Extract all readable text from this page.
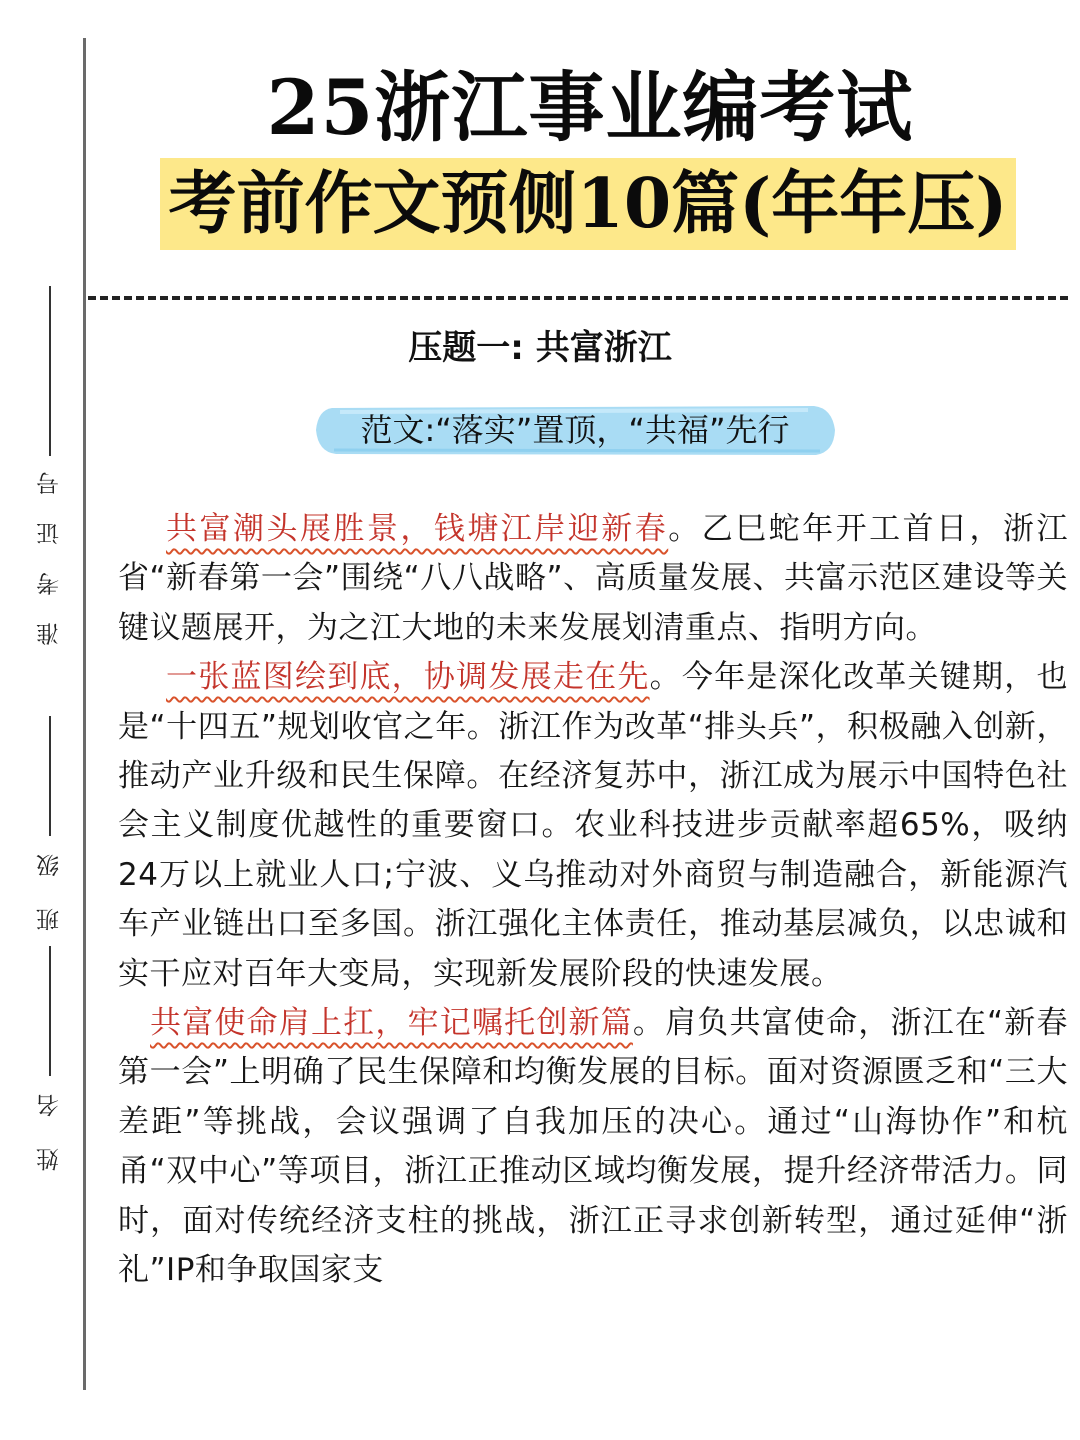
准 考 证 号
班 级
姓 名
25浙江事业编考试
考前作文预侧10篇(年年压)
压题一: 共富浙江
范文:“落实”置顶，“共福”先行

共富潮头展胜景，钱塘江岸迎新春。乙巳蛇年开工首日，浙江省“新春第一会”围绕“八八战略”、高质量发展、共富示范区建设等关键议题展开，为之江大地的未来发展划清重点、指明方向。

一张蓝图绘到底，协调发展走在先。今年是深化改革关键期，也是“十四五”规划收官之年。浙江作为改革“排头兵”，积极融入创新，推动产业升级和民生保障。在经济复苏中，浙江成为展示中国特色社会主义制度优越性的重要窗口。农业科技进步贡献率超65%，吸纳24万以上就业人口;宁波、义乌推动对外商贸与制造融合，新能源汽车产业链出口至多国。浙江强化主体责任，推动基层减负，以忠诚和实干应对百年大变局，实现新发展阶段的快速发展。

共富使命肩上扛，牢记嘱托创新篇。肩负共富使命，浙江在“新春第一会”上明确了民生保障和均衡发展的目标。面对资源匮乏和“三大差距”等挑战，会议强调了自我加压的决心。通过“山海协作”和杭甬“双中心”等项目，浙江正推动区域均衡发展，提升经济带活力。同时，面对传统经济支柱的挑战，浙江正寻求创新转型，通过延伸“浙礼”IP和争取国家支
